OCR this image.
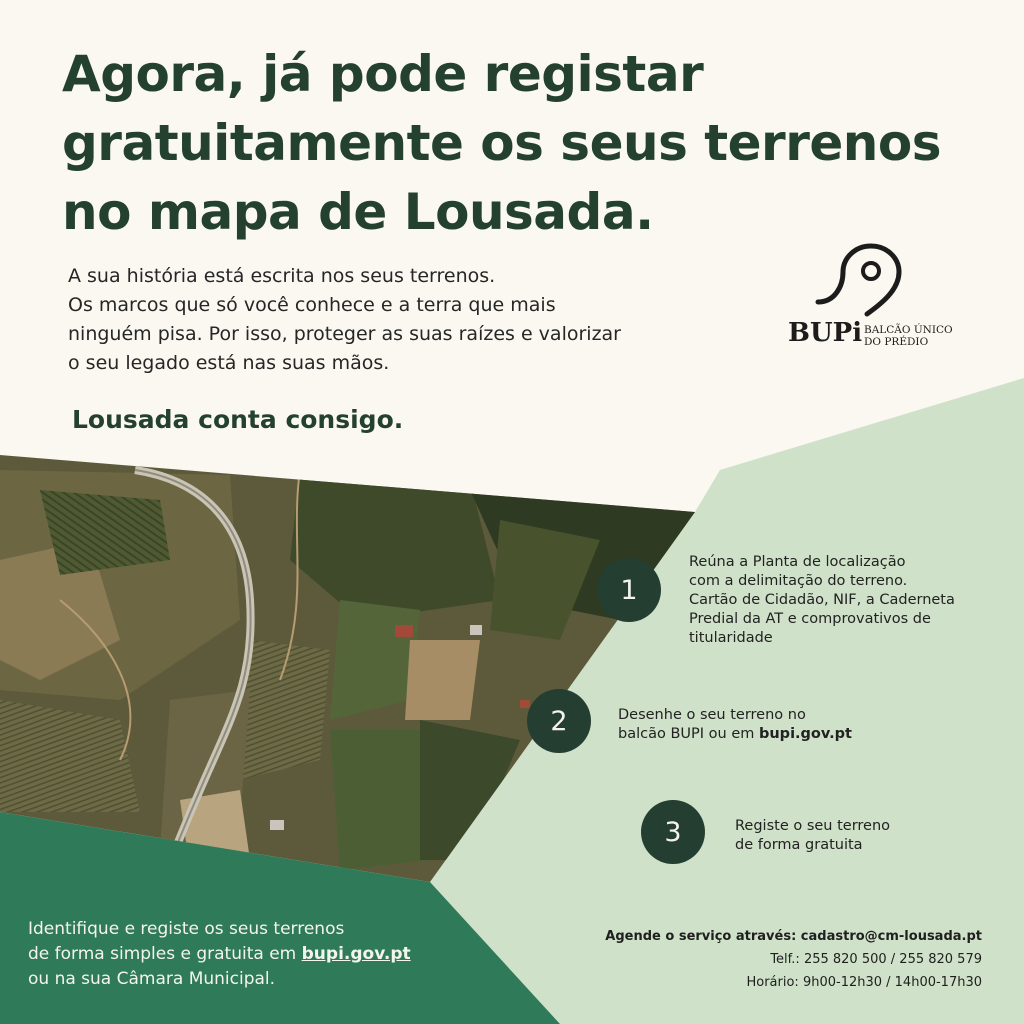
Agora, já pode registar
gratuitamente os seus terrenos
no mapa de Lousada.
A sua história está escrita nos seus terrenos.
Os marcos que só você conhece e a terra que mais
ninguém pisa. Por isso, proteger as suas raízes e valorizar
o seu legado está nas suas mãos.
Lousada conta consigo.
BUPi BALCÃO ÚNICO
DO PRÉDIO
1
Reúna a Planta de localização
com a delimitação do terreno.
Cartão de Cidadão, NIF, a Caderneta
Predial da AT e comprovativos de
titularidade
2	Desenhe o seu terreno no
balcão BUPI ou em bupi.gov.pt
3	Registe o seu terreno
de forma gratuita
Identifique e registe os seus terrenos
de forma simples e gratuita em bupi.gov.pt
ou na sua Câmara Municipal.
Agende o serviço através: cadastro@cm-lousada.pt
Telf.: 255 820 500 / 255 820 579
Horário: 9h00-12h30 / 14h00-17h30
